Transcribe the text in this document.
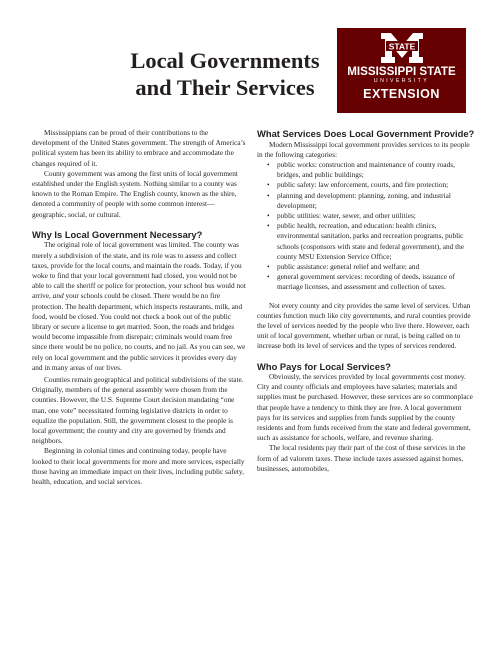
Local Governments
and Their Services
STATE
MISSISSIPPI STATE
UNIVERSITY
EXTENSION

Mississippians can be proud of their contributions to the development of the United States government. The strength of America’s political system has been its ability to embrace and accommodate the changes required of it.

County government was among the first units of local government established under the English system. Nothing similar to a county was known to the Roman Empire. The English county, known as the shire, denoted a community of people with some common interest—geographic, social, or cultural.

Why Is Local Government Necessary?

The original role of local government was limited. The county was merely a subdivision of the state, and its role was to assess and collect taxes, provide for the local courts, and maintain the roads. Today, if you woke to find that your local government had closed, you would not be able to call the sheriff or police for protection, your school bus would not arrive, and your schools could be closed. There would be no fire protection. The health department, which inspects restaurants, milk, and food, would be closed. You could not check a book out of the public library or secure a license to get married. Soon, the roads and bridges would become impassible from disrepair; criminals would roam free since there would be no police, no courts, and no jail. As you can see, we rely on local government and the public services it provides every day and in many areas of our lives.

Counties remain geographical and political subdivisions of the state. Originally, members of the general assembly were chosen from the counties. However, the U.S. Supreme Court decision mandating “one man, one vote” necessitated forming legislative districts in order to equalize the population. Still, the government closest to the people is local government; the county and city are governed by friends and neighbors.

Beginning in colonial times and continuing today, people have looked to their local governments for more and more services, especially those having an immediate impact on their lives, including public safety, health, education, and social services.

What Services Does Local Government Provide?

Modern Mississippi local government provides services to its people in the following categories:

• public works: construction and maintenance of county roads, bridges, and public buildings;
• public safety: law enforcement, courts, and fire protection;
• planning and development: planning, zoning, and industrial development;
• public utilities: water, sewer, and other utilities;
• public health, recreation, and education: health clinics, environmental sanitation, parks and recreation programs, public schools (cosponsors with state and federal government), and the county MSU Extension Service Office;
• public assistance: general relief and welfare; and
• general government services: recording of deeds, issuance of marriage licenses, and assessment and collection of taxes.

Not every county and city provides the same level of services. Urban counties function much like city governments, and rural counties provide the level of services needed by the people who live there. However, each unit of local government, whether urban or rural, is being called on to increase both its level of services and the types of services rendered.

Who Pays for Local Services?

Obviously, the services provided by local governments cost money. City and county officials and employees have salaries; materials and supplies must be purchased. However, these services are so commonplace that people have a tendency to think they are free. A local government pays for its services and supplies from funds supplied by the county residents and from funds received from the state and federal government, such as assistance for schools, welfare, and revenue sharing.

The local residents pay their part of the cost of these services in the form of ad valorem taxes. These include taxes assessed against homes, businesses, automobiles,
